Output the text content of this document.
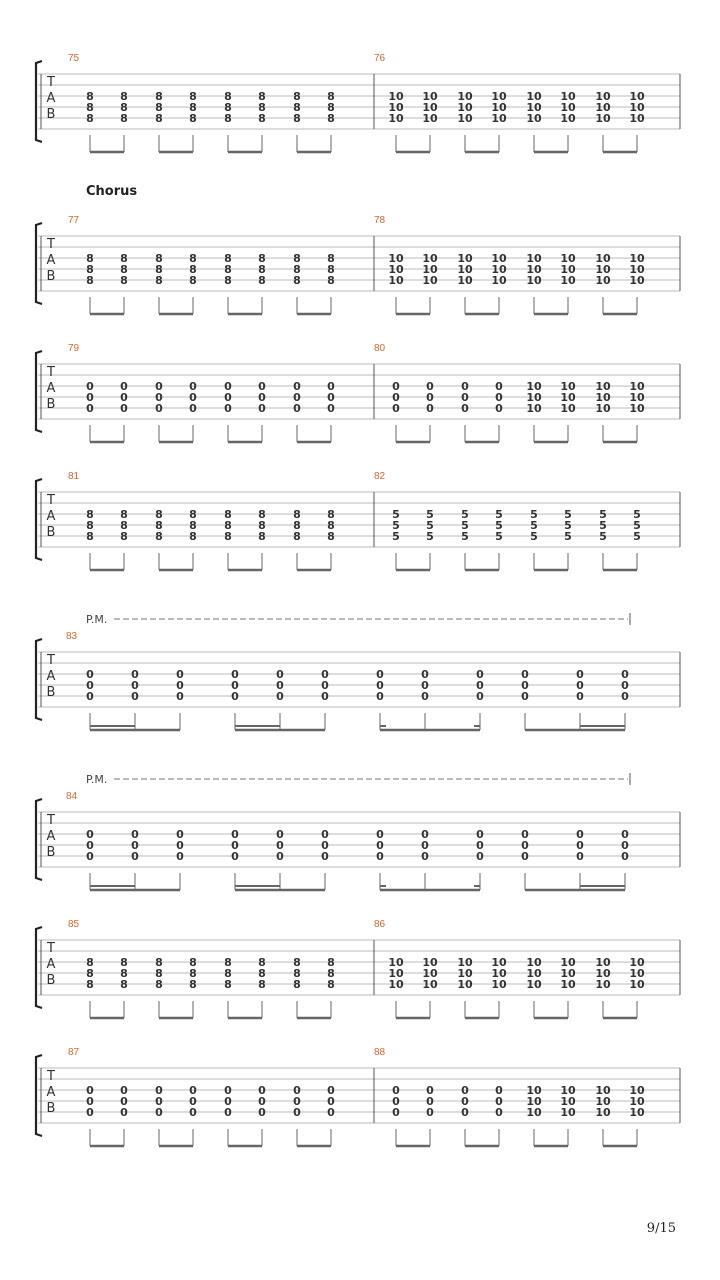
T
A
B
75
8
8
8
8
8
8
8
8
8
8
8
8
8
8
8
8
8
8
8
8
8
8
8
8
76
10
10
10
10
10
10
10
10
10
10
10
10
10
10
10
10
10
10
10
10
10
10
10
10
T
A
B
Chorus
77
8
8
8
8
8
8
8
8
8
8
8
8
8
8
8
8
8
8
8
8
8
8
8
8
78
10
10
10
10
10
10
10
10
10
10
10
10
10
10
10
10
10
10
10
10
10
10
10
10
T
A
B
79
0
0
0
0
0
0
0
0
0
0
0
0
0
0
0
0
0
0
0
0
0
0
0
0
80
0
0
0
0
0
0
0
0
0
0
0
0
10
10
10
10
10
10
10
10
10
10
10
10
T
A
B
81
8
8
8
8
8
8
8
8
8
8
8
8
8
8
8
8
8
8
8
8
8
8
8
8
82
5
5
5
5
5
5
5
5
5
5
5
5
5
5
5
5
5
5
5
5
5
5
5
5
T
A
B
P.M.
83
0
0
0
0
0
0
0
0
0
0
0
0
0
0
0
0
0
0
0
0
0
0
0
0
0
0
0
0
0
0
0
0
0
0
0
0
T
A
B
P.M.
84
0
0
0
0
0
0
0
0
0
0
0
0
0
0
0
0
0
0
0
0
0
0
0
0
0
0
0
0
0
0
0
0
0
0
0
0
T
A
B
85
8
8
8
8
8
8
8
8
8
8
8
8
8
8
8
8
8
8
8
8
8
8
8
8
86
10
10
10
10
10
10
10
10
10
10
10
10
10
10
10
10
10
10
10
10
10
10
10
10
T
A
B
87
0
0
0
0
0
0
0
0
0
0
0
0
0
0
0
0
0
0
0
0
0
0
0
0
88
0
0
0
0
0
0
0
0
0
0
0
0
10
10
10
10
10
10
10
10
10
10
10
10
9/15
